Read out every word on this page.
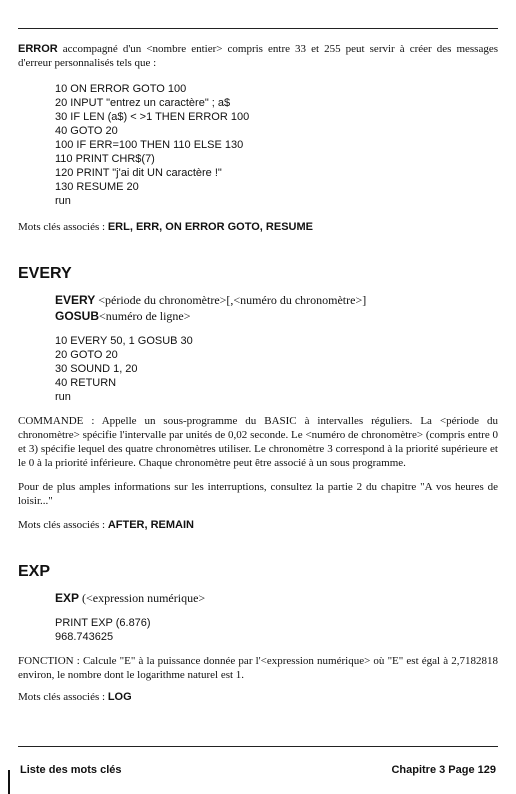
ERROR accompagné d'un <nombre entier> compris entre 33 et 255 peut servir à créer des messages d'erreur personnalisés tels que :

10 ON ERROR GOTO 100
20 INPUT "entrez un caractère" ; a$
30 IF LEN (a$) < >1 THEN ERROR 100
40 GOTO 20
100 IF ERR=100 THEN 110 ELSE 130
110 PRINT CHR$(7)
120 PRINT "j'ai dit UN caractère !"
130 RESUME 20
run

Mots clés associés : ERL, ERR, ON ERROR GOTO, RESUME

EVERY
EVERY <période du chronomètre>[,<numéro du chronomètre>]
GOSUB<numéro de ligne>
10 EVERY 50, 1 GOSUB 30
20 GOTO 20
30 SOUND 1, 20
40 RETURN
run

COMMANDE : Appelle un sous-programme du BASIC à intervalles réguliers. La <période du chronomètre> spécifie l'intervalle par unités de 0,02 seconde. Le <numéro de chronomètre> (compris entre 0 et 3) spécifie lequel des quatre chronomètres utiliser. Le chronomètre 3 correspond à la priorité supérieure et le 0 à la priorité inférieure. Chaque chronomètre peut être associé à un sous programme.

Pour de plus amples informations sur les interruptions, consultez la partie 2 du chapitre "A vos heures de loisir..."

Mots clés associés : AFTER, REMAIN

EXP
EXP (<expression numérique>
PRINT EXP (6.876)
968.743625

FONCTION : Calcule "E" à la puissance donnée par l'<expression numérique> où "E" est égal à 2,7182818 environ, le nombre dont le logarithme naturel est 1.

Mots clés associés : LOG

Liste des mots clés	Chapitre 3 Page 129
